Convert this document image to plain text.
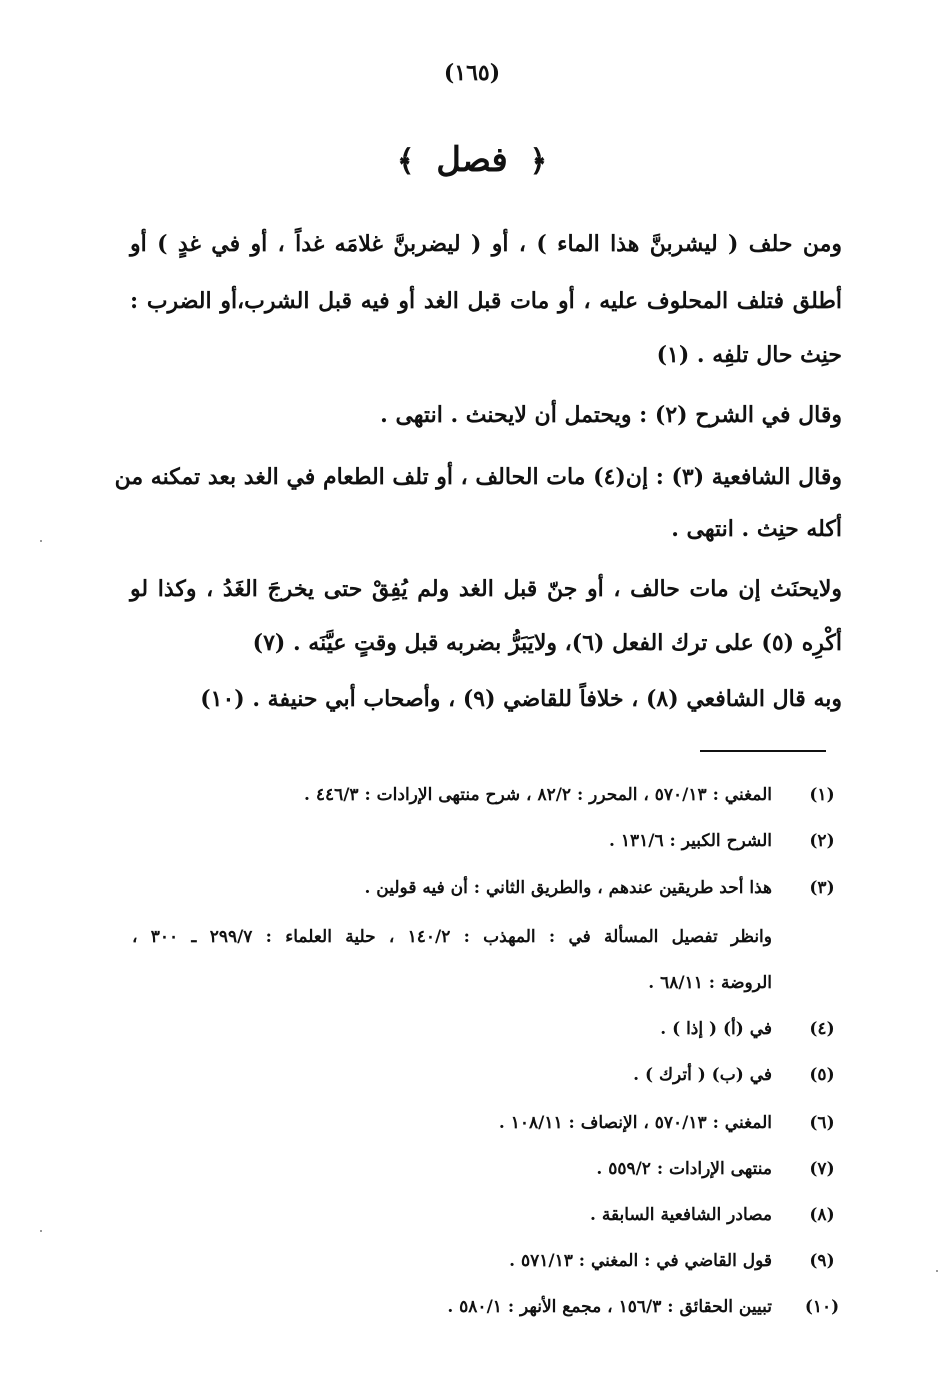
(١٦٥)
﴿ فصل ﴾
ومن حلف ( ليشربنَّ هذا الماء ) ، أو ( ليضربنَّ غلامَه غداً ، أو في غدٍ ) أو
أطلق فتلف المحلوف عليه ، أو مات قبل الغد أو فيه قبل الشرب،أو الضرب :
حنِث حال تلفِه . (١)
وقال في الشرح (٢) : ويحتمل أن لايحنث . انتهى .
وقال الشافعية (٣) : إن(٤) مات الحالف ، أو تلف الطعام في الغد بعد تمكنه من
أكله حنِث . انتهى .
ولايحنَث إن مات حالف ، أو جنّ قبل الغد ولم يُفِقْ حتى يخرجَ الغَدُ ، وكذا لو
أكْرِه (٥) على ترك الفعل (٦)، ولايَبَرُّ بضربه قبل وقتٍ عيَّنَه . (٧)
وبه قال الشافعي (٨) ، خلافاً للقاضي (٩) ، وأصحاب أبي حنيفة . (١٠)
(١)
المغني : ٥٧٠/١٣ ، المحرر : ٨٢/٢ ، شرح منتهى الإرادات : ٤٤٦/٣ .
(٢)
الشرح الكبير : ١٣١/٦ .
(٣)
هذا أحد طريقين عندهم ، والطريق الثاني : أن فيه قولين .
وانظر تفصيل المسألة في : المهذب : ١٤٠/٢ ، حلية العلماء : ٢٩٩/٧ ـ ٣٠٠ ،
الروضة : ٦٨/١١ .
(٤)
في (أ) ( إذا ) .
(٥)
في (ب) ( أترك ) .
(٦)
المغني : ٥٧٠/١٣ ، الإنصاف : ١٠٨/١١ .
(٧)
منتهى الإرادات : ٥٥٩/٢ .
(٨)
مصادر الشافعية السابقة .
(٩)
قول القاضي في : المغني : ٥٧١/١٣ .
(١٠)
تبيين الحقائق : ١٥٦/٣ ، مجمع الأنهر : ٥٨٠/١ .
